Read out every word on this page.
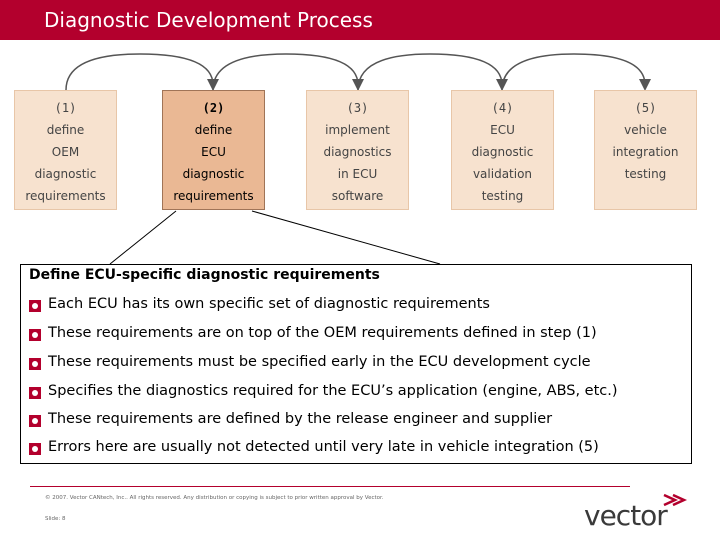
Diagnostic Development Process
(1)
define
OEM
diagnostic
requirements
(2)
define
ECU
diagnostic
requirements
(3)
implement
diagnostics
in ECU
software
(4)
ECU
diagnostic
validation
testing
(5)
vehicle
integration
testing
Define ECU-specific diagnostic requirements
Each ECU has its own specific set of diagnostic requirements
These requirements are on top of the OEM requirements defined in step (1)
These requirements must be specified early in the ECU development cycle
Specifies the diagnostics required for the ECU’s application (engine, ABS, etc.)
These requirements are defined by the release engineer and supplier
Errors here are usually not detected until very late in vehicle integration (5)
© 2007. Vector CANtech, Inc.. All rights reserved. Any distribution or copying is subject to prior written approval by Vector.
Slide: 8	vector
